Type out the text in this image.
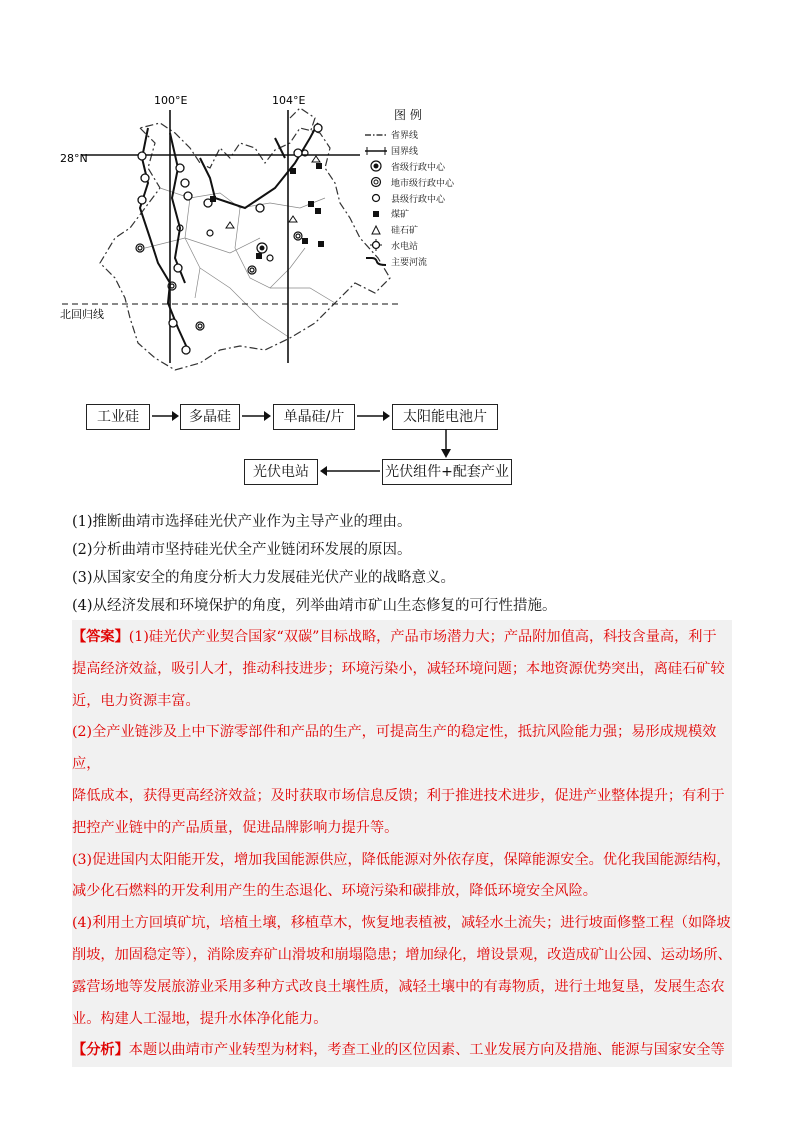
100°E	104°E
28°N
北回归线
图 例
省界线
国界线
省级行政中心
地市级行政中心
县级行政中心
煤矿
硅石矿
水电站
主要河流
工业硅	多晶硅	单晶硅/片	太阳能电池片
光伏组件+配套产业
光伏电站
(1)推断曲靖市选择硅光伏产业作为主导产业的理由。
(2)分析曲靖市坚持硅光伏全产业链闭环发展的原因。
(3)从国家安全的角度分析大力发展硅光伏产业的战略意义。
(4)从经济发展和环境保护的角度，列举曲靖市矿山生态修复的可行性措施。

【答案】(1)硅光伏产业契合国家“双碳”目标战略，产品市场潜力大；产品附加值高，科技含量高，利于

提高经济效益，吸引人才，推动科技进步；环境污染小，减轻环境问题；本地资源优势突出，离硅石矿较

近，电力资源丰富。

(2)全产业链涉及上中下游零部件和产品的生产，可提高生产的稳定性，抵抗风险能力强；易形成规模效应，

降低成本，获得更高经济效益；及时获取市场信息反馈；利于推进技术进步，促进产业整体提升；有利于

把控产业链中的产品质量，促进品牌影响力提升等。

(3)促进国内太阳能开发，增加我国能源供应，降低能源对外依存度，保障能源安全。优化我国能源结构，

减少化石燃料的开发利用产生的生态退化、环境污染和碳排放，降低环境安全风险。

(4)利用土方回填矿坑，培植土壤，移植草木，恢复地表植被，减轻水土流失；进行坡面修整工程（如降坡

削坡，加固稳定等），消除废弃矿山滑坡和崩塌隐患；增加绿化，增设景观，改造成矿山公园、运动场所、

露营场地等发展旅游业采用多种方式改良土壤性质，减轻土壤中的有毒物质，进行土地复垦，发展生态农

业。构建人工湿地，提升水体净化能力。

【分析】本题以曲靖市产业转型为材料，考查工业的区位因素、工业发展方向及措施、能源与国家安全等
